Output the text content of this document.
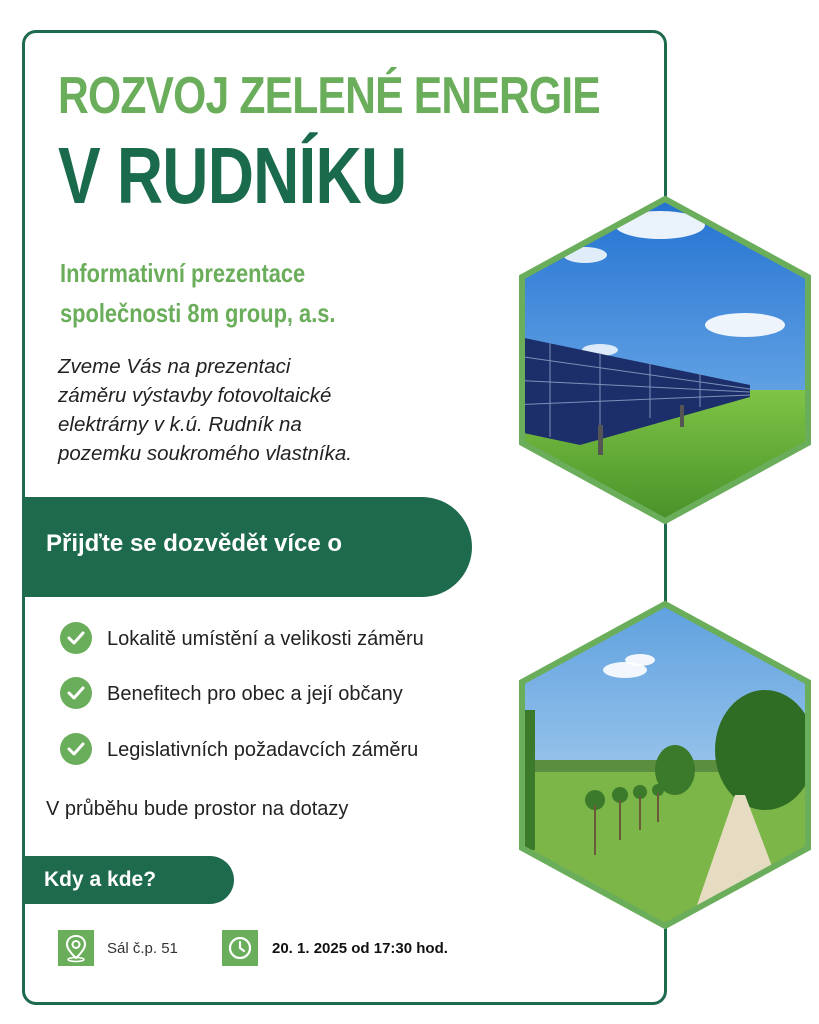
ROZVOJ ZELENÉ ENERGIE
V RUDNÍKU
Informativní prezentace
společnosti 8m group, a.s.
Zveme Vás na prezentaci
záměru výstavby fotovoltaické
elektrárny v k.ú. Rudník na
pozemku soukromého vlastníka.
Přijďte se dozvědět více o
Lokalitě umístění a velikosti záměru
Benefitech pro obec a její občany
Legislativních požadavcích záměru
V průběhu bude prostor na dotazy
Kdy a kde?
Sál č.p. 51	20. 1. 2025 od 17:30 hod.
